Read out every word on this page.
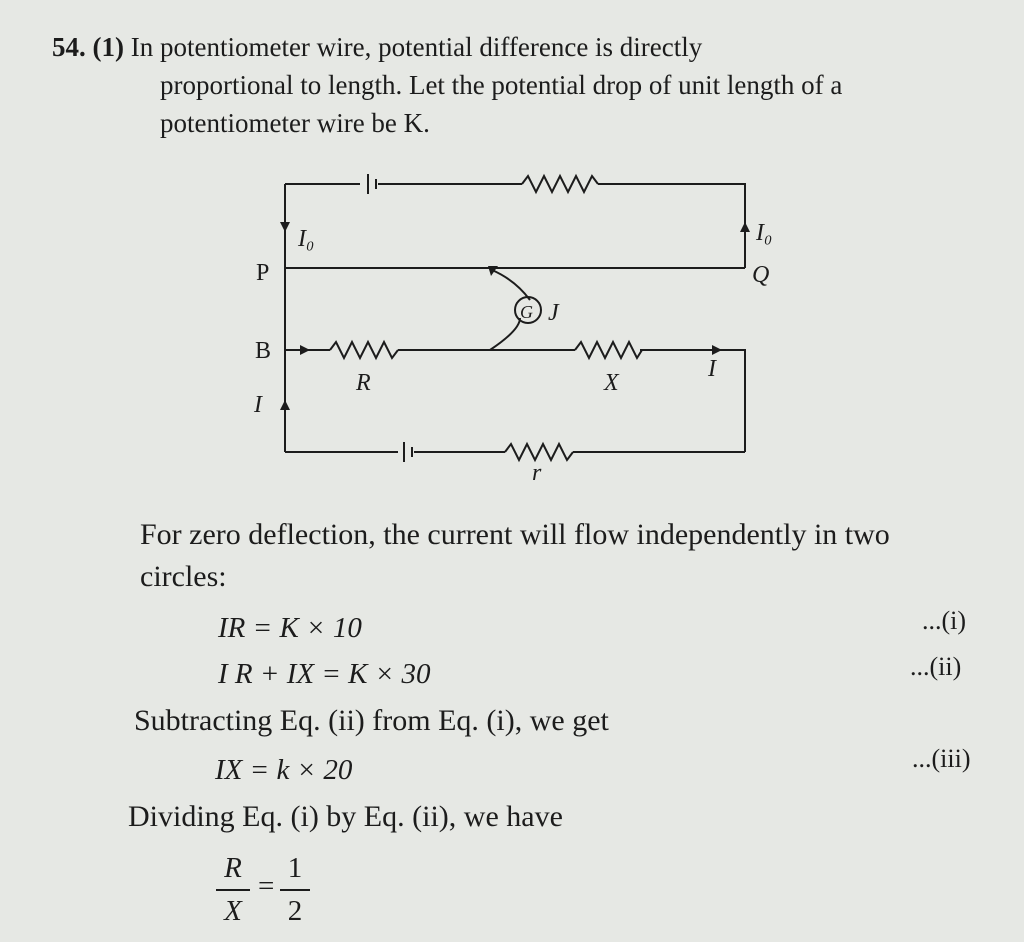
54. (1) In potentiometer wire, potential difference is directly
proportional to length. Let the potential drop of unit length of a
potentiometer wire be K.
I₀	I₀
P	Q
G J
B
R	X
I
I
r
For zero deflection, the current will flow independently in two
circles:
IR = K × 10	...(i)
I R + IX = K × 30	...(ii)
Subtracting Eq. (ii) from Eq. (i), we get
IX = k × 20	...(iii)
Dividing Eq. (i) by Eq. (ii), we have
R
X
=
1
2
